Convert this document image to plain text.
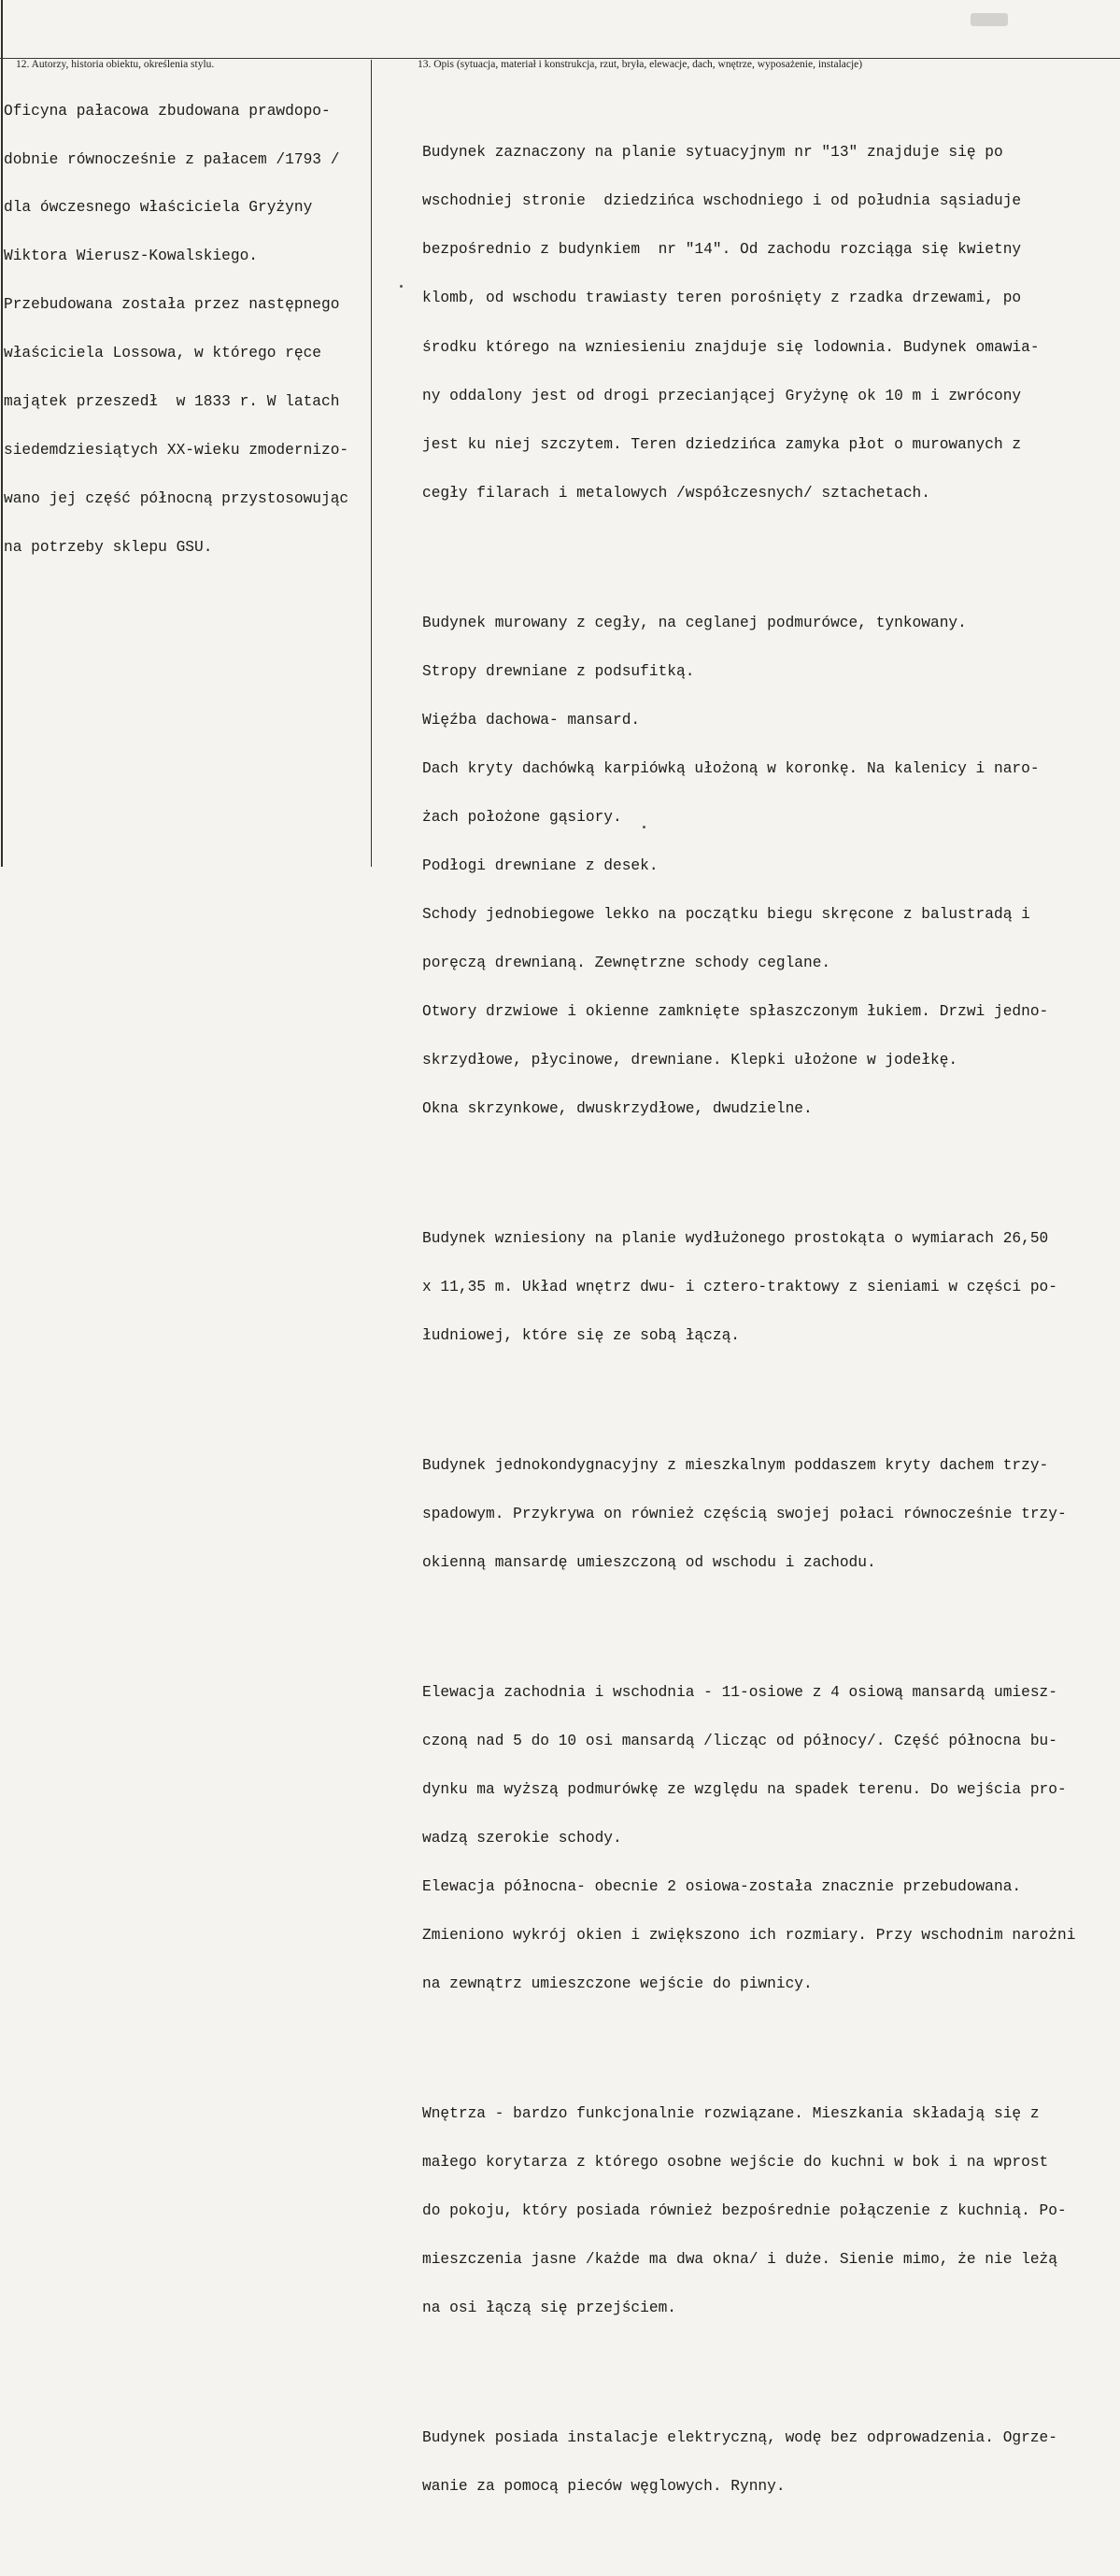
12. Autorzy, historia obiektu, określenia stylu.	13. Opis (sytuacja, materiał i konstrukcja, rzut, bryła, elewacje, dach, wnętrze, wyposażenie, instalacje)

Oficyna pałacowa zbudowana prawdopo-

dobnie równocześnie z pałacem /1793 /

dla ówczesnego właściciela Gryżyny

Wiktora Wierusz-Kowalskiego.

Przebudowana została przez następnego

właściciela Lossowa, w którego ręce

majątek przeszedł  w 1833 r. W latach

siedemdziesiątych XX-wieku zmodernizo-

wano jej część północną przystosowując

na potrzeby sklepu GSU.

Budynek zaznaczony na planie sytuacyjnym nr "13" znajduje się po

wschodniej stronie  dziedzińca wschodniego i od południa sąsiaduje

bezpośrednio z budynkiem  nr "14". Od zachodu rozciąga się kwietny

klomb, od wschodu trawiasty teren porośnięty z rzadka drzewami, po

środku którego na wzniesieniu znajduje się lodownia. Budynek omawia-

ny oddalony jest od drogi przecianjącej Gryżynę ok 10 m i zwrócony

jest ku niej szczytem. Teren dziedzińca zamyka płot o murowanych z

cegły filarach i metalowych /współczesnych/ sztachetach.

Budynek murowany z cegły, na ceglanej podmurówce, tynkowany.

Stropy drewniane z podsufitką.

Więźba dachowa- mansard.

Dach kryty dachówką karpiówką ułożoną w koronkę. Na kalenicy i naro-

żach położone gąsiory.

Podłogi drewniane z desek.

Schody jednobiegowe lekko na początku biegu skręcone z balustradą i

poręczą drewnianą. Zewnętrzne schody ceglane.

Otwory drzwiowe i okienne zamknięte spłaszczonym łukiem. Drzwi jedno-

skrzydłowe, płycinowe, drewniane. Klepki ułożone w jodełkę.

Okna skrzynkowe, dwuskrzydłowe, dwudzielne.

Budynek wzniesiony na planie wydłużonego prostokąta o wymiarach 26,50

x 11,35 m. Układ wnętrz dwu- i cztero-traktowy z sieniami w części po-

łudniowej, które się ze sobą łączą.

Budynek jednokondygnacyjny z mieszkalnym poddaszem kryty dachem trzy-

spadowym. Przykrywa on również częścią swojej połaci równocześnie trzy-

okienną mansardę umieszczoną od wschodu i zachodu.

Elewacja zachodnia i wschodnia - 11-osiowe z 4 osiową mansardą umiesz-

czoną nad 5 do 10 osi mansardą /licząc od północy/. Część północna bu-

dynku ma wyższą podmurówkę ze względu na spadek terenu. Do wejścia pro-

wadzą szerokie schody.

Elewacja północna- obecnie 2 osiowa-została znacznie przebudowana.

Zmieniono wykrój okien i zwiększono ich rozmiary. Przy wschodnim narożni

na zewnątrz umieszczone wejście do piwnicy.

Wnętrza - bardzo funkcjonalnie rozwiązane. Mieszkania składają się z

małego korytarza z którego osobne wejście do kuchni w bok i na wprost

do pokoju, który posiada również bezpośrednie połączenie z kuchnią. Po-

mieszczenia jasne /każde ma dwa okna/ i duże. Sienie mimo, że nie leżą

na osi łączą się przejściem.

Budynek posiada instalacje elektryczną, wodę bez odprowadzenia. Ogrze-

wanie za pomocą pieców węglowych. Rynny.
